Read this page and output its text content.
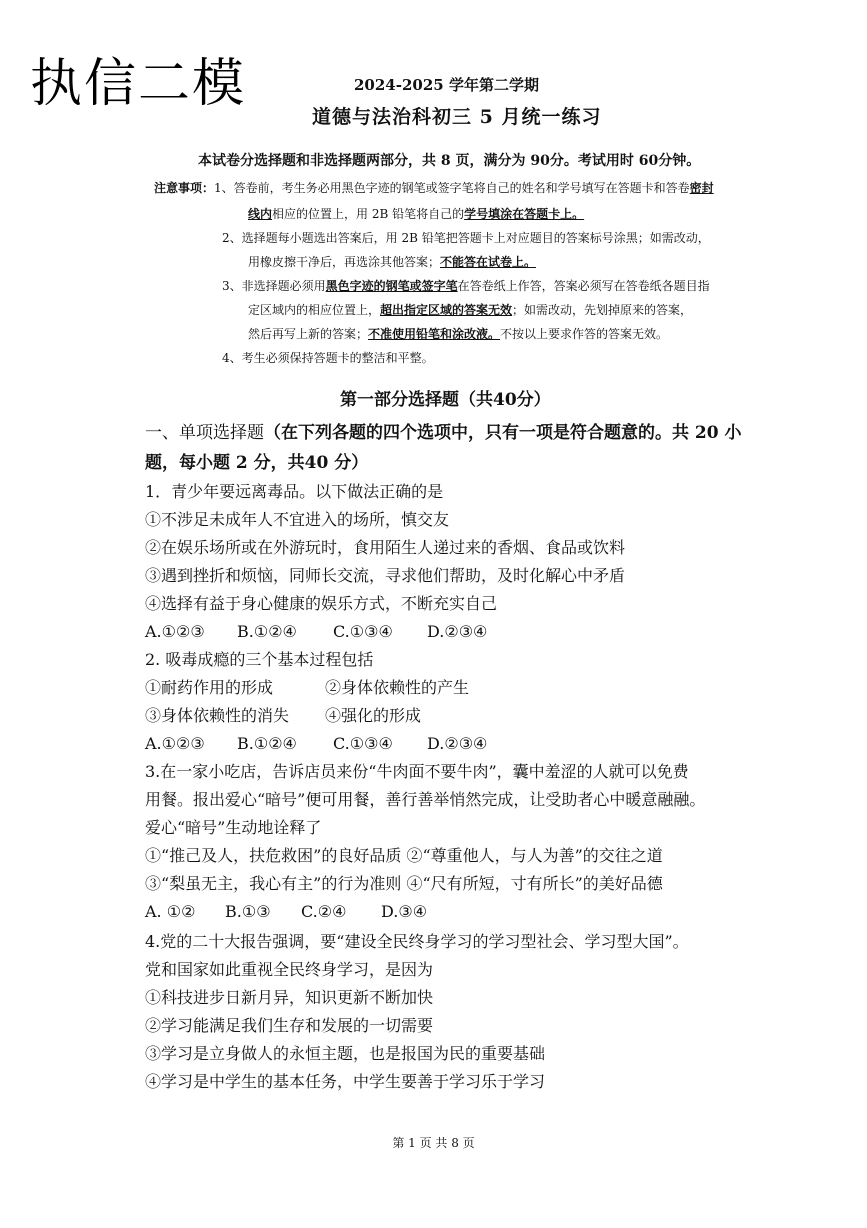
执信二模	2024-2025 学年第二学期
道德与法治科初三 5 月统一练习
本试卷分选择题和非选择题两部分，共 8 页，满分为 90分。考试用时 60分钟。
注意事项：1、答卷前，考生务必用黑色字迹的钢笔或签字笔将自己的姓名和学号填写在答题卡和答卷密封
线内相应的位置上，用 2B 铅笔将自己的学号填涂在答题卡上。
2、选择题每小题选出答案后，用 2B 铅笔把答题卡上对应题目的答案标号涂黑；如需改动，
用橡皮擦干净后，再选涂其他答案；不能答在试卷上。
3、非选择题必须用黑色字迹的钢笔或签字笔在答卷纸上作答，答案必须写在答卷纸各题目指
定区域内的相应位置上，超出指定区域的答案无效；如需改动，先划掉原来的答案，
然后再写上新的答案；不准使用铅笔和涂改液。不按以上要求作答的答案无效。
4、考生必须保持答题卡的整洁和平整。
第一部分选择题（共40分）
一、单项选择题（在下列各题的四个选项中，只有一项是符合题意的。共 20 小
题，每小题 2 分，共40 分）
1．青少年要远离毒品。以下做法正确的是
①不涉足未成年人不宜进入的场所，慎交友
②在娱乐场所或在外游玩时，食用陌生人递过来的香烟、食品或饮料
③遇到挫折和烦恼，同师长交流，寻求他们帮助，及时化解心中矛盾
④选择有益于身心健康的娱乐方式，不断充实自己
A.①②③ B.①②④ C.①③④ D.②③④
2. 吸毒成瘾的三个基本过程包括
①耐药作用的形成	②身体依赖性的产生
③身体依赖性的消失 ④强化的形成
A.①②③ B.①②④ C.①③④ D.②③④
3.在一家小吃店，告诉店员来份“牛肉面不要牛肉”，囊中羞涩的人就可以免费
用餐。报出爱心“暗号”便可用餐，善行善举悄然完成，让受助者心中暖意融融。
爱心“暗号”生动地诠释了
①“推己及人，扶危救困”的良好品质 ②“尊重他人，与人为善”的交往之道
③“梨虽无主，我心有主”的行为准则 ④“尺有所短，寸有所长”的美好品德
A. ①② B.①③ C.②④ D.③④
4.党的二十大报告强调，要“建设全民终身学习的学习型社会、学习型大国”。
党和国家如此重视全民终身学习，是因为
①科技进步日新月异，知识更新不断加快
②学习能满足我们生存和发展的一切需要
③学习是立身做人的永恒主题，也是报国为民的重要基础
④学习是中学生的基本任务，中学生要善于学习乐于学习
第 1 页 共 8 页
